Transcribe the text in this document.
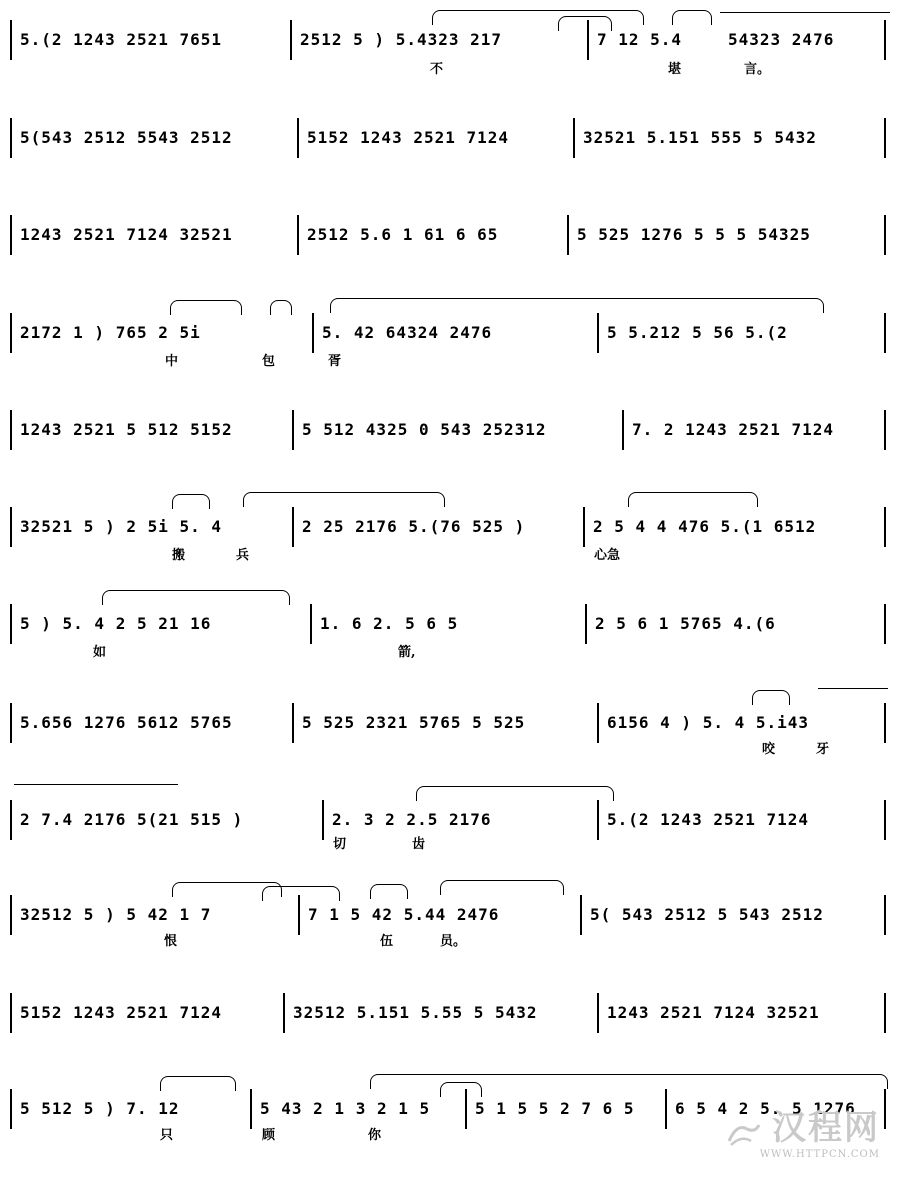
5.(2 1243 2521 7651	2512 5 ) 5.4323 217	7 12 5.4	54323 2476
不	堪	言。
5(543 2512 5543 2512	5152 1243 2521 7124	32521 5.151 555 5 5432
1243 2521 7124 32521	2512 5.6 1 61 6 65	5 525 1276 5 5 5 54325
2172 1 ) 765 2 5i	5. 42 64324 2476	5 5.212 5 56 5.(2
中	包	胥
1243 2521 5 512 5152	5 512 4325 0 543 252312	7. 2 1243 2521 7124
32521 5 ) 2 5i 5. 4	2 25 2176 5.(76 525 )	2 5 4 4 476 5.(1 6512
搬	兵	心急
5 ) 5. 4 2 5 21 16	1. 6 2. 5 6 5	2 5 6 1 5765 4.(6
如	箭,
5.656 1276 5612 5765	5 525 2321 5765 5 525	6156 4 ) 5. 4 5.i43
咬	牙
2 7.4 2176 5(21 515 )	2. 3 2 2.5 2176	5.(2 1243 2521 7124
切	齿
32512 5 ) 5 42 1 7	7 1 5 42 5.44 2476	5( 543 2512 5 543 2512
恨	伍	员。
5152 1243 2521 7124	32512 5.151 5.55 5 5432	1243 2521 7124 32521
5 512 5 ) 7. 12	5 43 2 1 3 2 1 5	5 1 5 5 2 7 6 5	6 5 4 2 5. 5 1276
只	顾	你	汉程网
WWW.HTTPCN.COM
